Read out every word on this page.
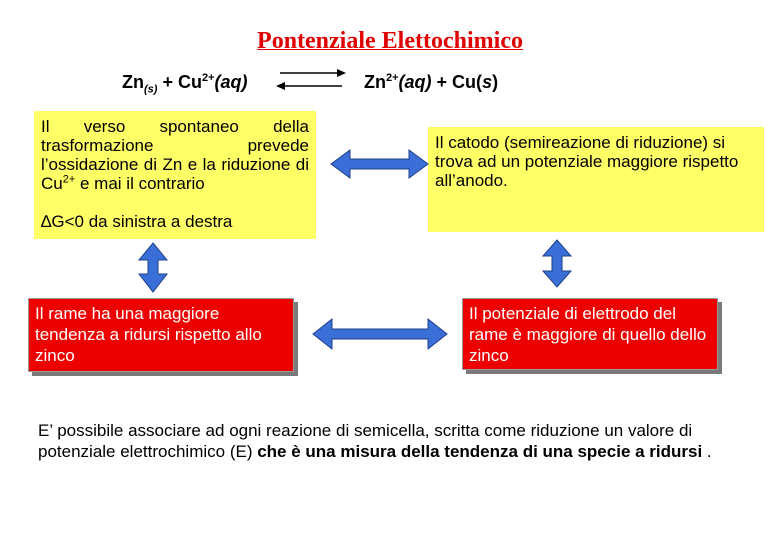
Pontenziale Elettochimico
$Zn_{(s)} + Cu^{2+}(aq)$	$Zn^{2+}(aq) + Cu(s)$
Il verso spontaneo della trasformazione prevede l’ossidazione di Zn e la riduzione di $Cu^{2+}$ e mai il contrario
∆G<0 da sinistra a destra
Il catodo (semireazione di riduzione) si trova ad un potenziale maggiore rispetto all’anodo.
Il rame ha una maggiore tendenza a ridursi rispetto allo zinco
Il potenziale di elettrodo del rame è maggiore di quello dello zinco
E’ possibile associare ad ogni reazione di semicella, scritta come riduzione un valore di potenziale elettrochimico (E) che è una misura della tendenza di una specie a ridursi .
